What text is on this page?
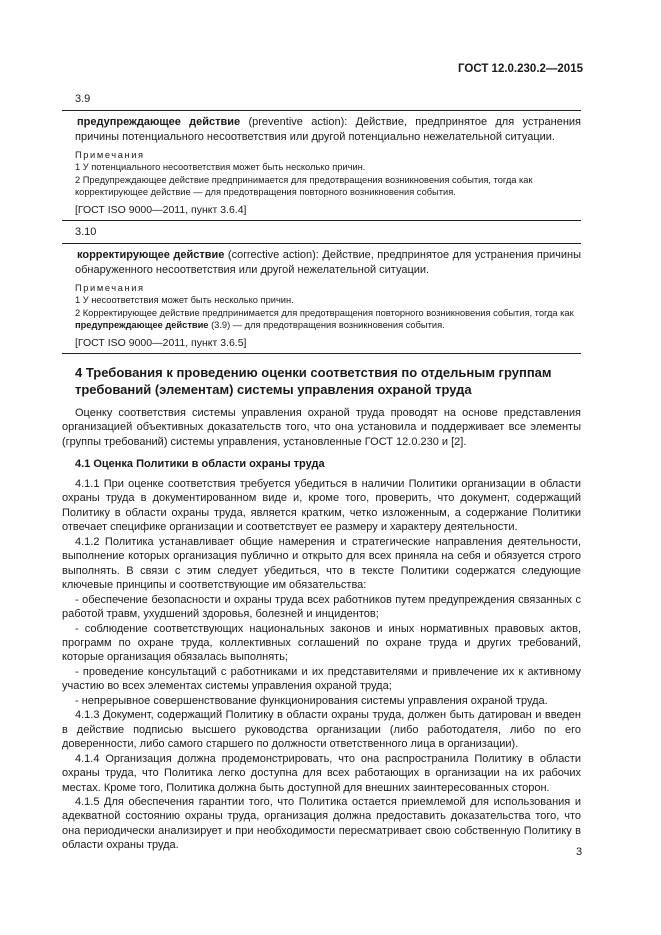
ГОСТ 12.0.230.2—2015
3.9
предупреждающее действие (preventive action): Действие, предпринятое для устранения причины потенциального несоответствия или другой потенциально нежелательной ситуации.
Примечания
1 У потенциального несоответствия может быть несколько причин.
2 Предупреждающее действие предпринимается для предотвращения возникновения события, тогда как корректирующее действие — для предотвращения повторного возникновения события.
[ГОСТ ISO 9000—2011, пункт 3.6.4]
3.10
корректирующее действие (corrective action): Действие, предпринятое для устранения причины обнаруженного несоответствия или другой нежелательной ситуации.
Примечания
1 У несоответствия может быть несколько причин.
2 Корректирующее действие предпринимается для предотвращения повторного возникновения события, тогда как предупреждающее действие (3.9) — для предотвращения возникновения события.
[ГОСТ ISO 9000—2011, пункт 3.6.5]
4 Требования к проведению оценки соответствия по отдельным группам требований (элементам) системы управления охраной труда

Оценку соответствия системы управления охраной труда проводят на основе представления организацией объективных доказательств того, что она установила и поддерживает все элементы (группы требований) системы управления, установленные ГОСТ 12.0.230 и [2].

4.1 Оценка Политики в области охраны труда

4.1.1 При оценке соответствия требуется убедиться в наличии Политики организации в области охраны труда в документированном виде и, кроме того, проверить, что документ, содержащий Политику в области охраны труда, является кратким, четко изложенным, а содержание Политики отвечает специфике организации и соответствует ее размеру и характеру деятельности.

4.1.2 Политика устанавливает общие намерения и стратегические направления деятельности, выполнение которых организация публично и открыто для всех приняла на себя и обязуется строго выполнять. В связи с этим следует убедиться, что в тексте Политики содержатся следующие ключевые принципы и соответствующие им обязательства:

- обеспечение безопасности и охраны труда всех работников путем предупреждения связанных с работой травм, ухудшений здоровья, болезней и инцидентов;

- соблюдение соответствующих национальных законов и иных нормативных правовых актов, программ по охране труда, коллективных соглашений по охране труда и других требований, которые организация обязалась выполнять;

- проведение консультаций с работниками и их представителями и привлечение их к активному участию во всех элементах системы управления охраной труда;

- непрерывное совершенствование функционирования системы управления охраной труда.

4.1.3 Документ, содержащий Политику в области охраны труда, должен быть датирован и введен в действие подписью высшего руководства организации (либо работодателя, либо по его доверенности, либо самого старшего по должности ответственного лица в организации).

4.1.4 Организация должна продемонстрировать, что она распространила Политику в области охраны труда, что Политика легко доступна для всех работающих в организации на их рабочих местах. Кроме того, Политика должна быть доступной для внешних заинтересованных сторон.

4.1.5 Для обеспечения гарантии того, что Политика остается приемлемой для использования и адекватной состоянию охраны труда, организация должна предоставить доказательства того, что она периодически анализирует и при необходимости пересматривает свою собственную Политику в области охраны труда.

3
